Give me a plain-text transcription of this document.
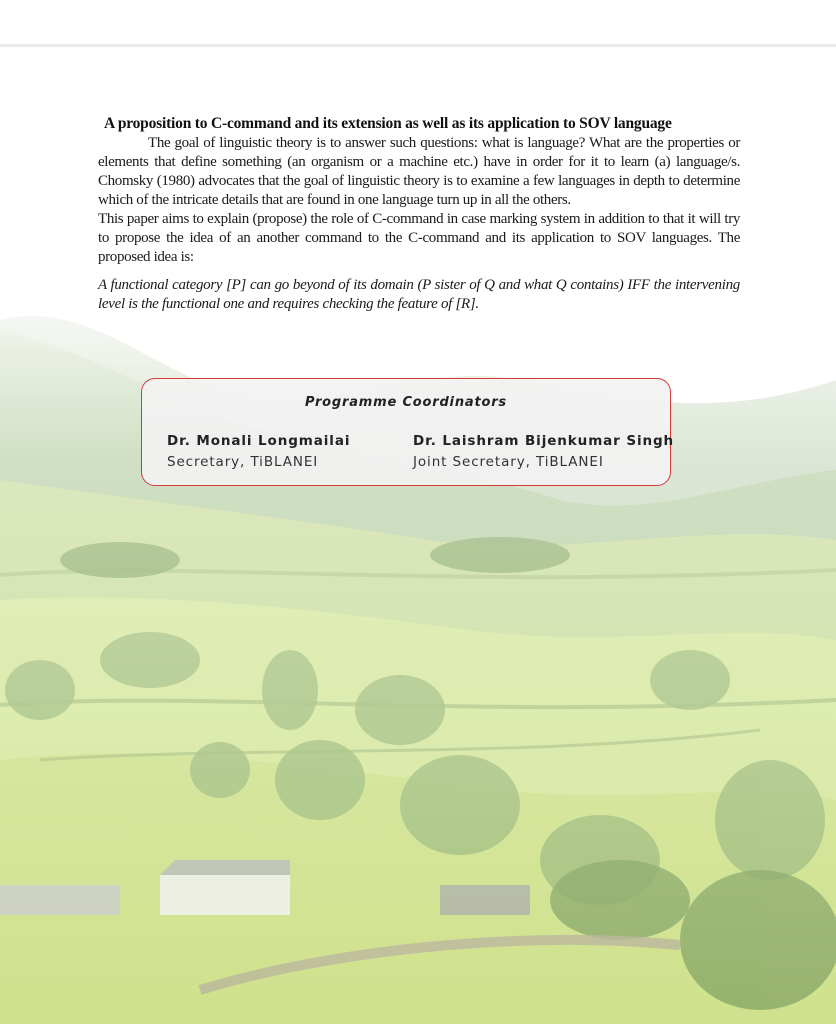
A proposition to C-command and its extension as well as its application to SOV language
The goal of linguistic theory is to answer such questions: what is language? What are the properties or elements that define something (an organism or a machine etc.) have in order for it to learn (a) language/s. Chomsky (1980) advocates that the goal of linguistic theory is to examine a few languages in depth to determine which of the intricate details that are found in one language turn up in all the others.
This paper aims to explain (propose) the role of C-command in case marking system in addition to that it will try to propose the idea of an another command to the C-command and its application to SOV languages. The proposed idea is:
A functional category [P] can go beyond of its domain (P sister of Q and what Q contains) IFF the intervening level is the functional one and requires checking the feature of [R].
Programme Coordinators
Dr. Monali Longmailai
Secretary, TiBLANEI
Dr. Laishram Bijenkumar Singh
Joint Secretary, TiBLANEI
